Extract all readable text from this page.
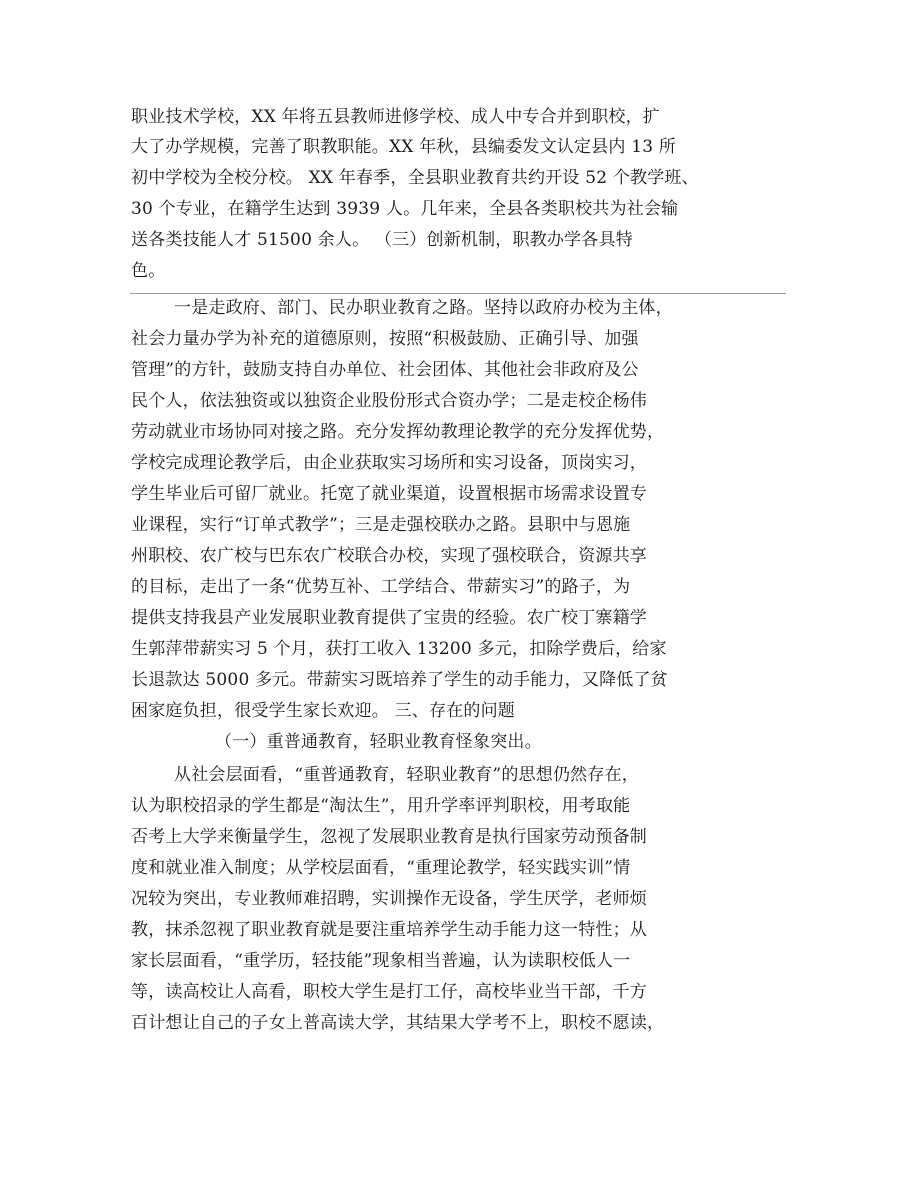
职业技术学校，XX 年将五县教师进修学校、成人中专合并到职校，扩
大了办学规模，完善了职教职能。XX 年秋，县编委发文认定县内 13 所
初中学校为全校分校。 XX 年春季，全县职业教育共约开设 52 个教学班、
30 个专业，在籍学生达到 3939 人。几年来，全县各类职校共为社会输
送各类技能人才 51500 余人。 （三）创新机制，职教办学各具特
色。
一是走政府、部门、民办职业教育之路。坚持以政府办校为主体，
社会力量办学为补充的道德原则，按照“积极鼓励、正确引导、加强
管理”的方针，鼓励支持自办单位、社会团体、其他社会非政府及公
民个人，依法独资或以独资企业股份形式合资办学；二是走校企杨伟
劳动就业市场协同对接之路。充分发挥幼教理论教学的充分发挥优势，
学校完成理论教学后，由企业获取实习场所和实习设备，顶岗实习，
学生毕业后可留厂就业。托宽了就业渠道，设置根据市场需求设置专
业课程，实行“订单式教学”；三是走强校联办之路。县职中与恩施
州职校、农广校与巴东农广校联合办校，实现了强校联合，资源共享
的目标，走出了一条“优势互补、工学结合、带薪实习”的路子，为
提供支持我县产业发展职业教育提供了宝贵的经验。农广校丁寨籍学
生郭萍带薪实习 5 个月，获打工收入 13200 多元，扣除学费后，给家
长退款达 5000 多元。带薪实习既培养了学生的动手能力，又降低了贫
困家庭负担，很受学生家长欢迎。 三、存在的问题
（一）重普通教育，轻职业教育怪象突出。
从社会层面看，“重普通教育，轻职业教育”的思想仍然存在，
认为职校招录的学生都是“淘汰生”，用升学率评判职校，用考取能
否考上大学来衡量学生，忽视了发展职业教育是执行国家劳动预备制
度和就业准入制度；从学校层面看，“重理论教学，轻实践实训”情
况较为突出，专业教师难招聘，实训操作无设备，学生厌学，老师烦
教，抹杀忽视了职业教育就是要注重培养学生动手能力这一特性；从
家长层面看，“重学历，轻技能”现象相当普遍，认为读职校低人一
等，读高校让人高看，职校大学生是打工仔，高校毕业当干部，千方
百计想让自己的子女上普高读大学，其结果大学考不上，职校不愿读，
